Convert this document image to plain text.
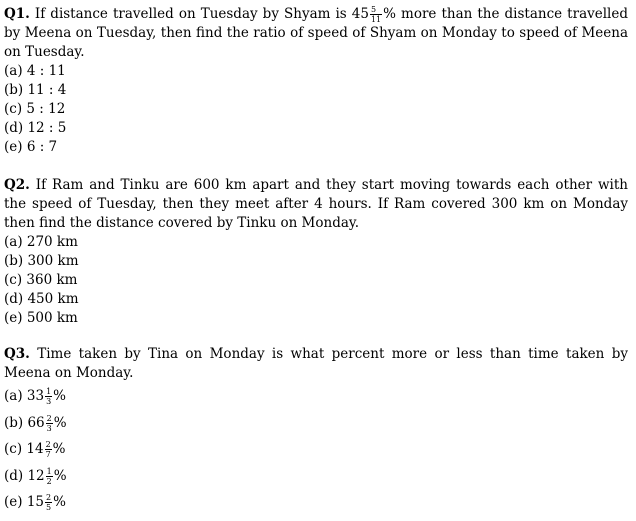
Q1. If distance travelled on Tuesday by Shyam is $45 \frac{5}{11}$ % more than the distance travelled by Meena on Tuesday, then find the ratio of speed of Shyam on Monday to speed of Meena on Tuesday.
(a) 4 : 11
(b) 11 : 4
(c) 5 : 12
(d) 12 : 5
(e) 6 : 7
Q2. If Ram and Tinku are 600 km apart and they start moving towards each other with the speed of Tuesday, then they meet after 4 hours. If Ram covered 300 km on Monday then find the distance covered by Tinku on Monday.
(a) 270 km
(b) 300 km
(c) 360 km
(d) 450 km
(e) 500 km
Q3. Time taken by Tina on Monday is what percent more or less than time taken by Meena on Monday.
(a) $33 \frac{1}{3}$ %
(b) $66 \frac{2}{3}$ %
(c) $14 \frac{2}{7}$ %
(d) $12 \frac{1}{2}$ %
(e) $15 \frac{2}{5}$ %
